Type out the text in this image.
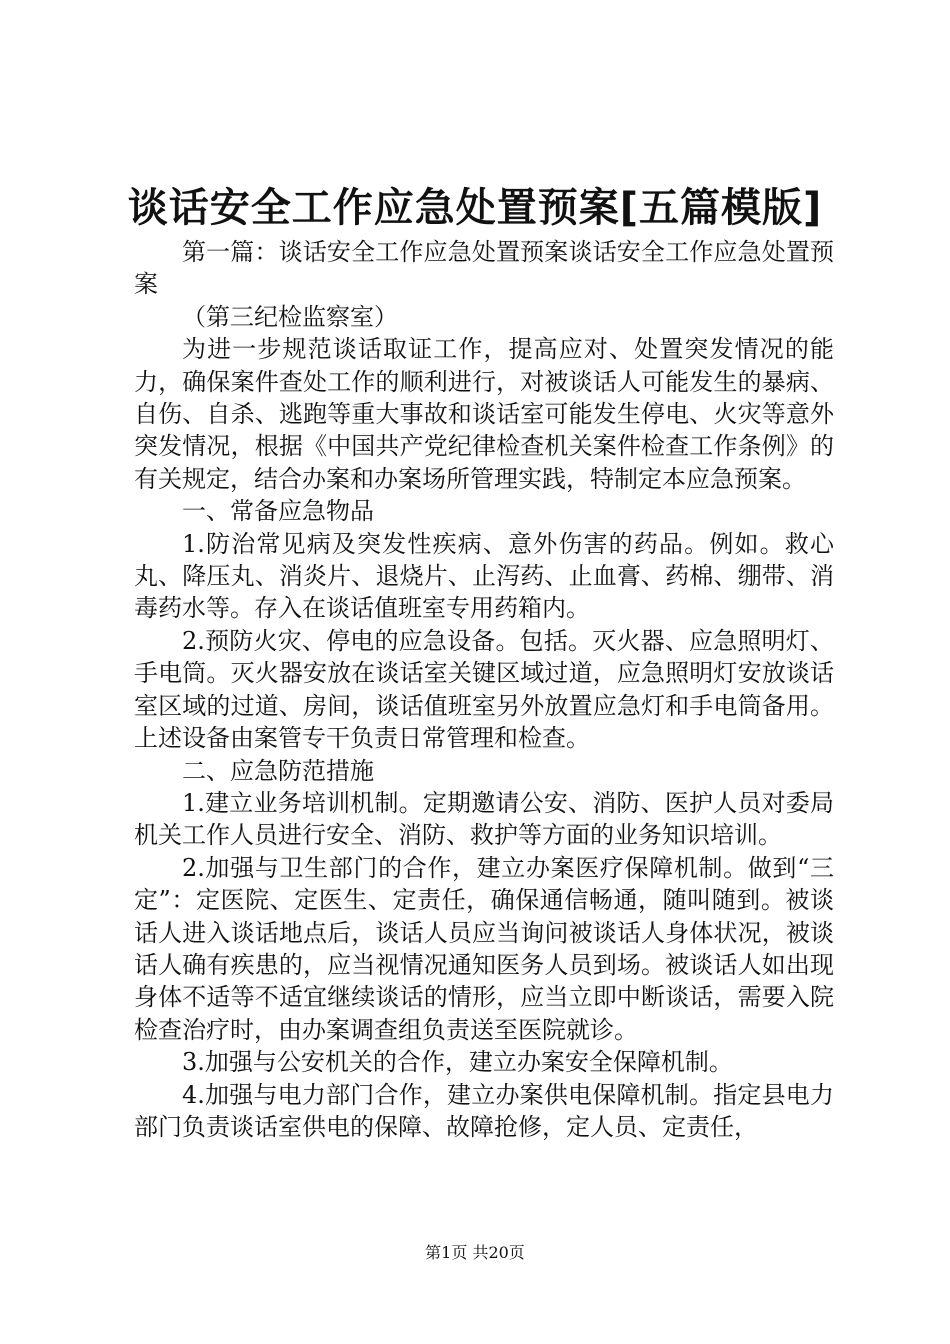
谈话安全工作应急处置预案[五篇模版]

第一篇：谈话安全工作应急处置预案谈话安全工作应急处置预案

（第三纪检监察室）

为进一步规范谈话取证工作，提高应对、处置突发情况的能力，确保案件查处工作的顺利进行，对被谈话人可能发生的暴病、自伤、自杀、逃跑等重大事故和谈话室可能发生停电、火灾等意外突发情况，根据《中国共产党纪律检查机关案件检查工作条例》的有关规定，结合办案和办案场所管理实践，特制定本应急预案。

一、常备应急物品

1.防治常见病及突发性疾病、意外伤害的药品。例如。救心丸、降压丸、消炎片、退烧片、止泻药、止血膏、药棉、绷带、消毒药水等。存入在谈话值班室专用药箱内。

2.预防火灾、停电的应急设备。包括。灭火器、应急照明灯、手电筒。灭火器安放在谈话室关键区域过道，应急照明灯安放谈话室区域的过道、房间，谈话值班室另外放置应急灯和手电筒备用。上述设备由案管专干负责日常管理和检查。

二、应急防范措施

1.建立业务培训机制。定期邀请公安、消防、医护人员对委局机关工作人员进行安全、消防、救护等方面的业务知识培训。

2.加强与卫生部门的合作，建立办案医疗保障机制。做到“三定”：定医院、定医生、定责任，确保通信畅通，随叫随到。被谈话人进入谈话地点后，谈话人员应当询问被谈话人身体状况，被谈话人确有疾患的，应当视情况通知医务人员到场。被谈话人如出现身体不适等不适宜继续谈话的情形，应当立即中断谈话，需要入院检查治疗时，由办案调查组负责送至医院就诊。

3.加强与公安机关的合作，建立办案安全保障机制。

4.加强与电力部门合作，建立办案供电保障机制。指定县电力部门负责谈话室供电的保障、故障抢修，定人员、定责任，

第1页 共20页
